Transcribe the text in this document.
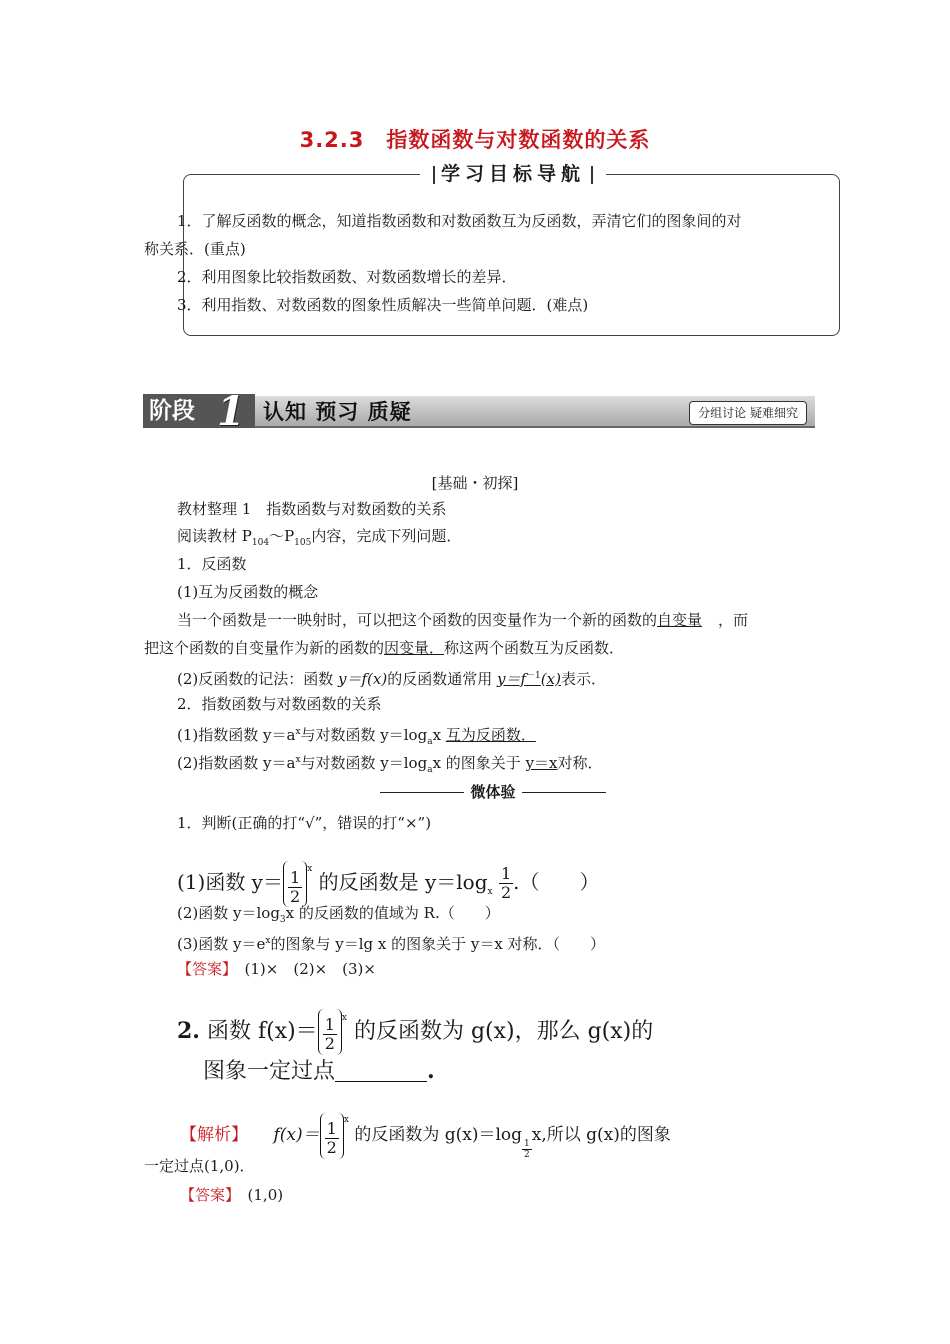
3.2.3　指数函数与对数函数的关系
学习目标导航
1．了解反函数的概念，知道指数函数和对数函数互为反函数，弄清它们的图象间的对
称关系．(重点)
2．利用图象比较指数函数、对数函数增长的差异．
3．利用指数、对数函数的图象性质解决一些简单问题．(难点)
阶段 1 认知 预习 质疑	分组讨论 疑难细究
[基础・初探]
教材整理 1　指数函数与对数函数的关系
阅读教材 $P_{104}\sim P_{105}$内容，完成下列问题．
1．反函数
(1)互为反函数的概念
当一个函数是一一映射时，可以把这个函数的因变量作为一个新的函数的自变量 ，而
把这个函数的自变量作为新的函数的因变量．称这两个函数互为反函数．
(2)反函数的记法：函数 y＝f(x)的反函数通常用 $y=f^{-1}(x)$表示．
2．指数函数与对数函数的关系
(1)指数函数 $y=a^x$与对数函数 $y=\log_ax$ 互为反函数．
(2)指数函数 $y=a^x$与对数函数 $y=\log_ax$ 的图象关于 y＝x对称．
微体验
1．判断(正确的打“√”，错误的打“×”)
(1)函数 $y= \frac{1}{2} ^x$ 的反函数是 $y=\log_x \frac{1}{2}$ .（　　）
(2)函数 $y=\log_3x$ 的反函数的值域为 R.（　　）
(3)函数 $y=e^x$的图象与 y＝lg x 的图象关于 y＝x 对称．（　　）
【答案】　 (1)×　(2)×　(3)×
2. 函数 $f(x)= \frac{1}{2} ^x$ 的反函数为 g(x)，那么 g(x)的
图象一定过点	.
【解析】　　 $f(x)= \frac{1}{2} ^x$ 的反函数为 g(x)＝log
$\frac{1}{2}$
x,所以 g(x)的图象
一定过点(1,0)．
【答案】　 (1,0)
